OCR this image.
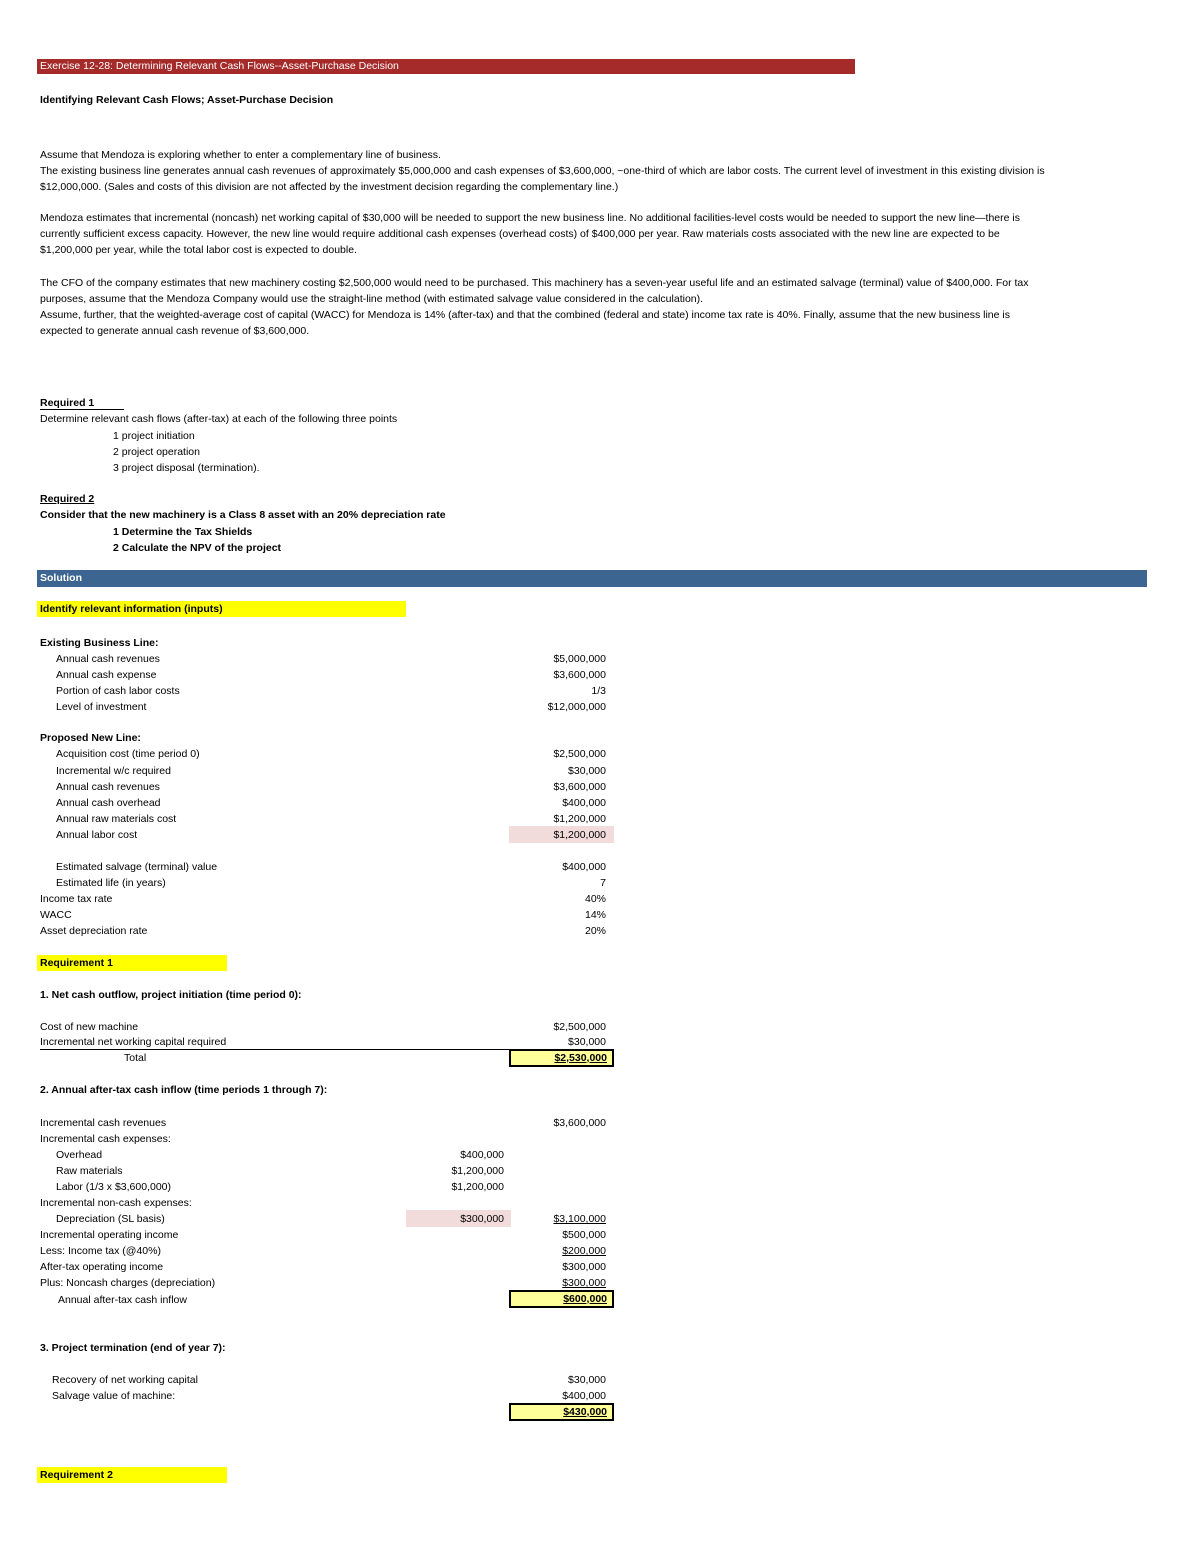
Exercise 12-28: Determining Relevant Cash Flows--Asset-Purchase Decision
Identifying Relevant Cash Flows; Asset-Purchase Decision
Assume that Mendoza is exploring whether to enter a complementary line of business.
The existing business line generates annual cash revenues of approximately $5,000,000 and cash expenses of $3,600,000, ~one-third of which are labor costs. The current level of investment in this existing division is
$12,000,000. (Sales and costs of this division are not affected by the investment decision regarding the complementary line.)
Mendoza estimates that incremental (noncash) net working capital of $30,000 will be needed to support the new business line. No additional facilities-level costs would be needed to support the new line—there is
currently sufficient excess capacity. However, the new line would require additional cash expenses (overhead costs) of $400,000 per year. Raw materials costs associated with the new line are expected to be
$1,200,000 per year, while the total labor cost is expected to double.
The CFO of the company estimates that new machinery costing $2,500,000 would need to be purchased. This machinery has a seven-year useful life and an estimated salvage (terminal) value of $400,000. For tax
purposes, assume that the Mendoza Company would use the straight-line method (with estimated salvage value considered in the calculation).
Assume, further, that the weighted-average cost of capital (WACC) for Mendoza is 14% (after-tax) and that the combined (federal and state) income tax rate is 40%. Finally, assume that the new business line is
expected to generate annual cash revenue of $3,600,000.
Required 1
Determine relevant cash flows (after-tax) at each of the following three points
1 project initiation
2 project operation
3 project disposal (termination).
Required 2
Consider that the new machinery is a Class 8 asset with an 20% depreciation rate
1 Determine the Tax Shields
2 Calculate the NPV of the project
Solution
Identify relevant information (inputs)
Existing Business Line:
Annual cash revenues	$5,000,000
Annual cash expense	$3,600,000
Portion of cash labor costs	1/3
Level of investment	$12,000,000
Proposed New Line:
Acquisition cost (time period 0)	$2,500,000
Incremental w/c required	$30,000
Annual cash revenues	$3,600,000
Annual cash overhead	$400,000
Annual raw materials cost	$1,200,000
Annual labor cost	$1,200,000
Estimated salvage (terminal) value	$400,000
Estimated life (in years)	7
Income tax rate	40%
WACC	14%
Asset depreciation rate	20%
Requirement 1
1. Net cash outflow, project initiation (time period 0):
Cost of new machine	$2,500,000
Incremental net working capital required	$30,000
Total	$2,530,000
2. Annual after-tax cash inflow (time periods 1 through 7):
Incremental cash revenues	$3,600,000
Incremental cash expenses:
Overhead	$400,000
Raw materials	$1,200,000
Labor (1/3 x $3,600,000)	$1,200,000
Incremental non-cash expenses:
Depreciation (SL basis)	$300,000	$3,100,000
Incremental operating income	$500,000
Less: Income tax (@40%)	$200,000
After-tax operating income	$300,000
Plus: Noncash charges (depreciation)	$300,000
Annual after-tax cash inflow	$600,000
3. Project termination (end of year 7):
Recovery of net working capital	$30,000
Salvage value of machine:	$400,000
$430,000
Requirement 2
